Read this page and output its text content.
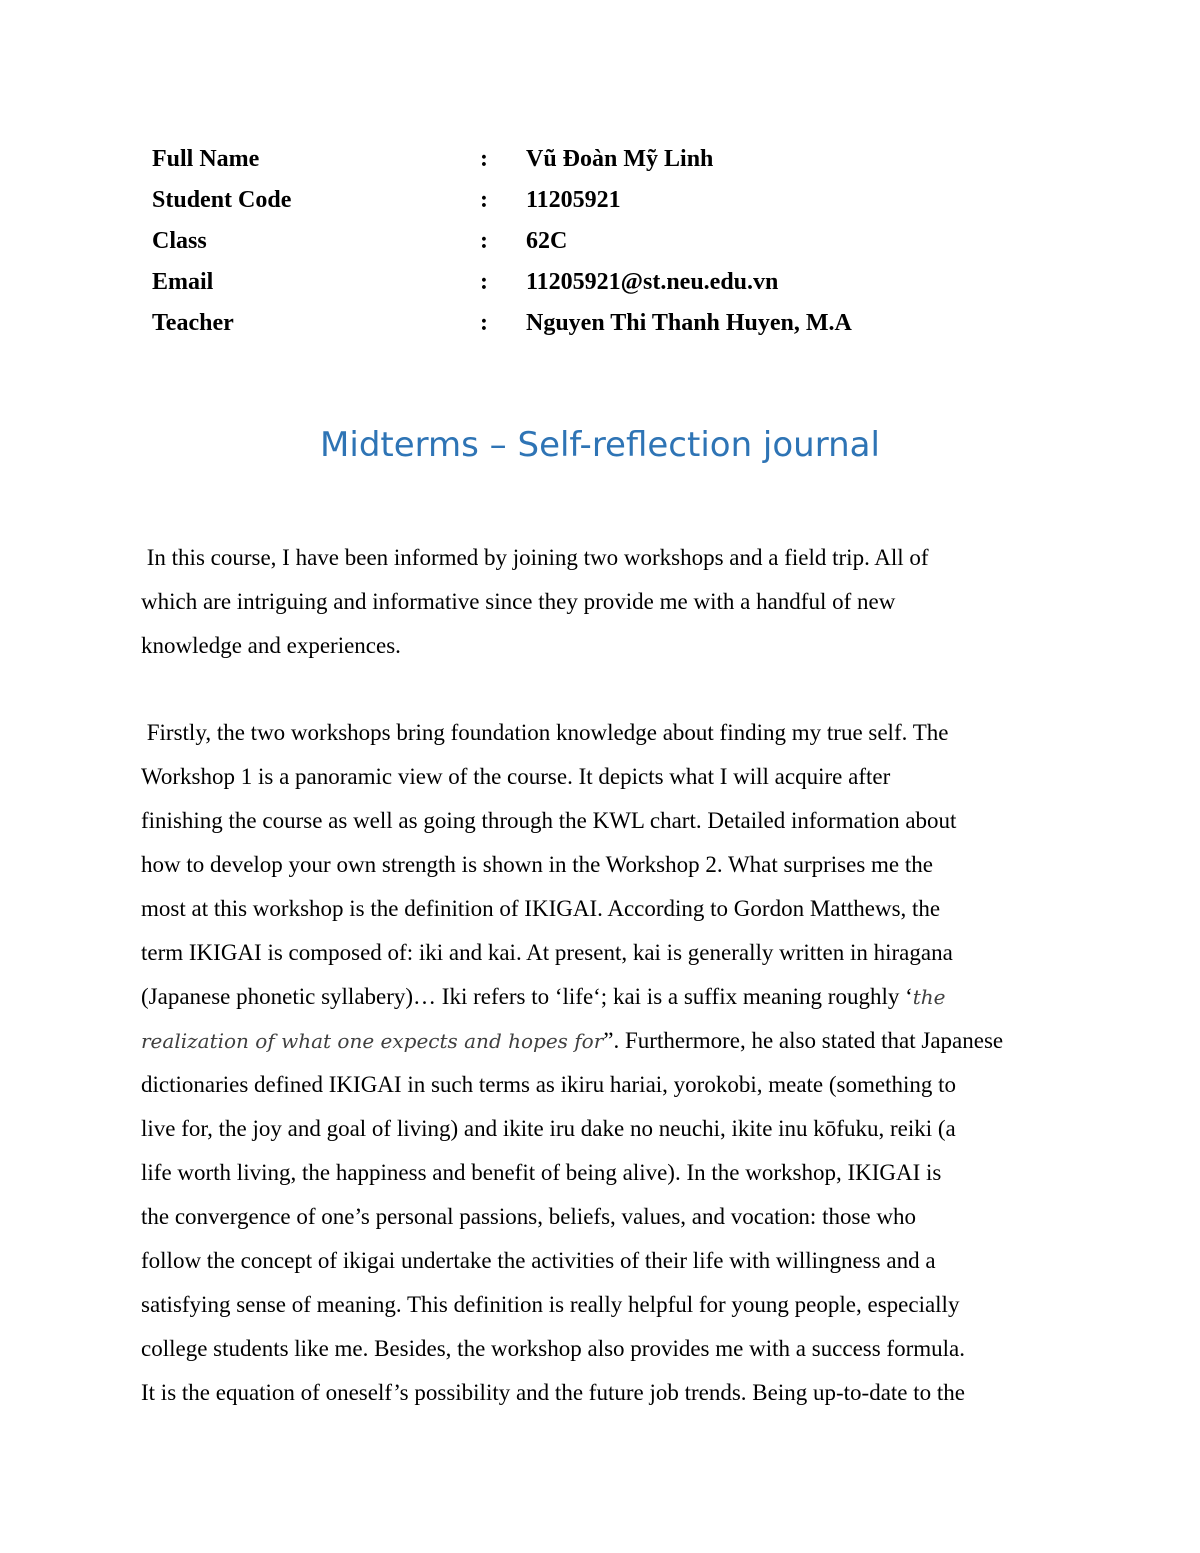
Full Name	:	Vũ Đoàn Mỹ Linh
Student Code	:	11205921
Class	:	62C
Email	:	11205921@st.neu.edu.vn
Teacher	:	Nguyen Thi Thanh Huyen, M.A
Midterms – Self-reflection journal

In this course, I have been informed by joining two workshops and a field trip. All of
which are intriguing and informative since they provide me with a handful of new
knowledge and experiences.

Firstly, the two workshops bring foundation knowledge about finding my true self. The
Workshop 1 is a panoramic view of the course. It depicts what I will acquire after
finishing the course as well as going through the KWL chart. Detailed information about
how to develop your own strength is shown in the Workshop 2. What surprises me the
most at this workshop is the definition of IKIGAI. According to Gordon Matthews, the
term IKIGAI is composed of: iki and kai. At present, kai is generally written in hiragana
(Japanese phonetic syllabery)… Iki refers to ‘life‘; kai is a suffix meaning roughly ‘the
realization of what one expects and hopes for”. Furthermore, he also stated that Japanese
dictionaries defined IKIGAI in such terms as ikiru hariai, yorokobi, meate (something to
live for, the joy and goal of living) and ikite iru dake no neuchi, ikite inu kōfuku, reiki (a
life worth living, the happiness and benefit of being alive). In the workshop, IKIGAI is
the convergence of one’s personal passions, beliefs, values, and vocation: those who
follow the concept of ikigai undertake the activities of their life with willingness and a
satisfying sense of meaning. This definition is really helpful for young people, especially
college students like me. Besides, the workshop also provides me with a success formula.
It is the equation of oneself’s possibility and the future job trends. Being up-to-date to the
